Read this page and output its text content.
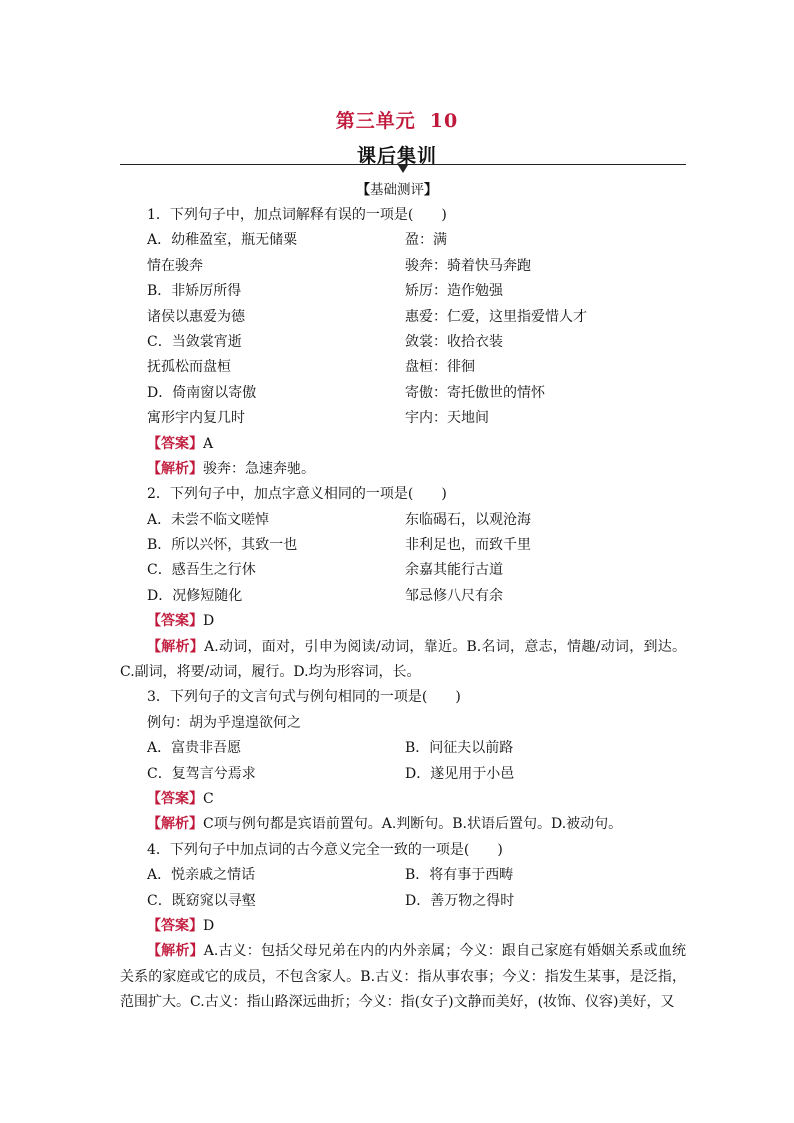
第三单元 10
课后集训
【基础测评】
1．下列句子中，加点词解释有误的一项是(　　)
A．幼稚盈室，瓶无储粟	盈：满
情在骏奔	骏奔：骑着快马奔跑
B．非矫厉所得	矫厉：造作勉强
诸侯以惠爱为德	惠爱：仁爱，这里指爱惜人才
C．当敛裳宵逝	敛裳：收拾衣装
抚孤松而盘桓	盘桓：徘徊
D．倚南窗以寄傲	寄傲：寄托傲世的情怀
寓形宇内复几时	宇内：天地间
【答案】A
【解析】骏奔：急速奔驰。
2．下列句子中，加点字意义相同的一项是(　　)
A．未尝不临文嗟悼	东临碣石，以观沧海
B．所以兴怀，其致一也	非利足也，而致千里
C．感吾生之行休	余嘉其能行古道
D．况修短随化	邹忌修八尺有余
【答案】D
【解析】A.动词，面对，引申为阅读/动词，靠近。B.名词，意志，情趣/动词，到达。C.副词，将要/动词，履行。D.均为形容词，长。
3．下列句子的文言句式与例句相同的一项是(　　)
例句：胡为乎遑遑欲何之
A．富贵非吾愿	B．问征夫以前路
C．复驾言兮焉求	D．遂见用于小邑
【答案】C
【解析】C项与例句都是宾语前置句。A.判断句。B.状语后置句。D.被动句。
4．下列句子中加点词的古今意义完全一致的一项是(　　)
A．悦亲戚之情话	B．将有事于西畴
C．既窈窕以寻壑	D．善万物之得时
【答案】D
【解析】A.古义：包括父母兄弟在内的内外亲属；今义：跟自己家庭有婚姻关系或血统关系的家庭或它的成员，不包含家人。B.古义：指从事农事；今义：指发生某事，是泛指，范围扩大。C.古义：指山路深远曲折；今义：指(女子)文静而美好，(妆饰、仪容)美好，又
